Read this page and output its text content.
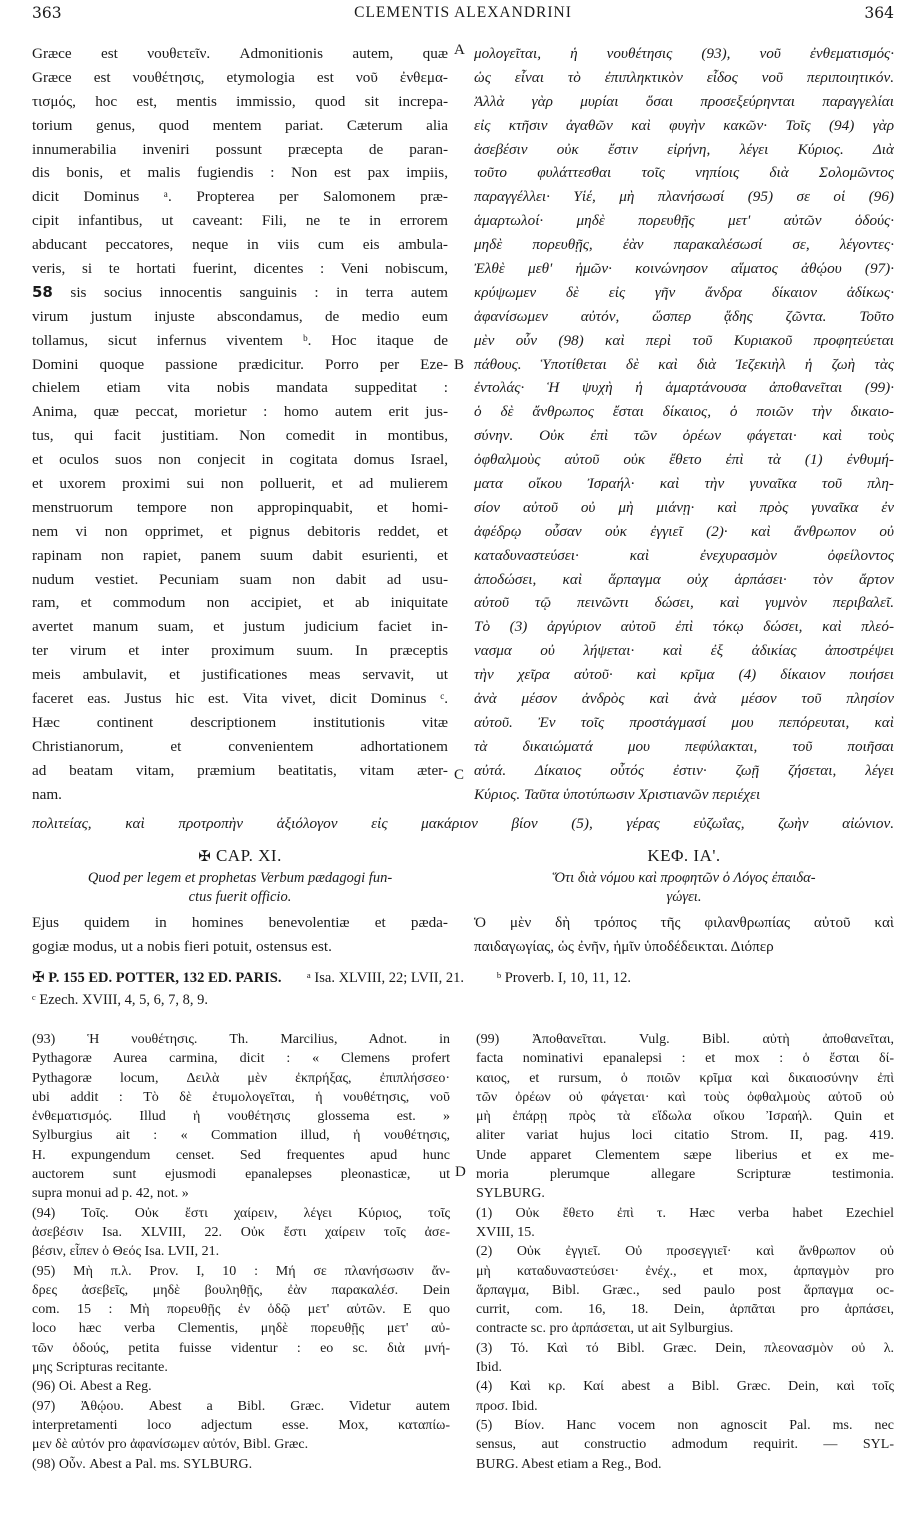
363	CLEMENTIS ALEXANDRINI	364
A
B
C
D
Græce est νουθετεῖν. Admonitionis autem, quæ
Græce est νουθέτησις, etymologia est νοῦ ἐνθεμα-
τισμός, hoc est, mentis immissio, quod sit increpa-
torium genus, quod mentem pariat. Cæterum alia
innumerabilia inveniri possunt præcepta de paran-
dis bonis, et malis fugiendis : Non est pax impiis,
dicit Dominus ᵃ. Propterea per Salomonem præ-
cipit infantibus, ut caveant: Fili, ne te in errorem
abducant peccatores, neque in viis cum eis ambula-
veris, si te hortati fuerint, dicentes : Veni nobiscum,
58 sis socius innocentis sanguinis : in terra autem
virum justum injuste abscondamus, de medio eum
tollamus, sicut infernus viventem ᵇ. Hoc itaque de
Domini quoque passione prædicitur. Porro per Eze-
chielem etiam vita nobis mandata suppeditat :
Anima, quæ peccat, morietur : homo autem erit jus-
tus, qui facit justitiam. Non comedit in montibus,
et oculos suos non conjecit in cogitata domus Israel,
et uxorem proximi sui non polluerit, et ad mulierem
menstruorum tempore non appropinquabit, et homi-
nem vi non opprimet, et pignus debitoris reddet, et
rapinam non rapiet, panem suum dabit esurienti, et
nudum vestiet. Pecuniam suam non dabit ad usu-
ram, et commodum non accipiet, et ab iniquitate
avertet manum suam, et justum judicium faciet in-
ter virum et inter proximum suum. In præceptis
meis ambulavit, et justificationes meas servavit, ut
faceret eas. Justus hic est. Vita vivet, dicit Dominus ᶜ.
Hæc continent descriptionem institutionis vitæ
Christianorum, et convenientem adhortationem
ad beatam vitam, præmium beatitatis, vitam æter-
nam.
μολογεῖται, ἡ νουθέτησις (93), νοῦ ἐνθεματισμός·
ὡς εἶναι τὸ ἐπιπληκτικὸν εἶδος νοῦ περιποιητικόν.
Ἀλλὰ γὰρ μυρίαι ὅσαι προσεξεύρηνται παραγγελίαι
εἰς κτῆσιν ἀγαθῶν καὶ φυγὴν κακῶν· Τοῖς (94) γὰρ
ἀσεβέσιν οὐκ ἔστιν εἰρήνη, λέγει Κύριος. Διὰ
τοῦτο φυλάττεσθαι τοῖς νηπίοις διὰ Σολομῶντος
παραγγέλλει· Υἱέ, μὴ πλανήσωσί (95) σε οἱ (96)
ἁμαρτωλοί· μηδὲ πορευθῇς μετ' αὐτῶν ὁδούς·
μηδὲ πορευθῇς, ἐὰν παρακαλέσωσί σε, λέγοντες·
Ἐλθὲ μεθ' ἡμῶν· κοινώνησον αἵματος ἀθῴου (97)·
κρύψωμεν δὲ εἰς γῆν ἄνδρα δίκαιον ἀδίκως·
ἀφανίσωμεν αὐτόν, ὥσπερ ᾅδης ζῶντα. Τοῦτο
μὲν οὖν (98) καὶ περὶ τοῦ Κυριακοῦ προφητεύεται
πάθους. Ὑποτίθεται δὲ καὶ διὰ Ἰεζεκιὴλ ἡ ζωὴ τὰς
ἐντολάς· Ἡ ψυχὴ ἡ ἁμαρτάνουσα ἀποθανεῖται (99)·
ὁ δὲ ἄνθρωπος ἔσται δίκαιος, ὁ ποιῶν τὴν δικαιο-
σύνην. Οὐκ ἐπὶ τῶν ὀρέων φάγεται· καὶ τοὺς
ὀφθαλμοὺς αὐτοῦ οὐκ ἔθετο ἐπὶ τὰ (1) ἐνθυμή-
ματα οἴκου Ἰσραήλ· καὶ τὴν γυναῖκα τοῦ πλη-
σίον αὐτοῦ οὐ μὴ μιάνῃ· καὶ πρὸς γυναῖκα ἐν
ἀφέδρῳ οὖσαν οὐκ ἐγγιεῖ (2)· καὶ ἄνθρωπον οὐ
καταδυναστεύσει· καὶ ἐνεχυρασμὸν ὀφείλοντος
ἀποδώσει, καὶ ἅρπαγμα οὐχ ἁρπάσει· τὸν ἄρτον
αὐτοῦ τῷ πεινῶντι δώσει, καὶ γυμνὸν περιβαλεῖ.
Τὸ (3) ἀργύριον αὐτοῦ ἐπὶ τόκῳ δώσει, καὶ πλεό-
νασμα οὐ λήψεται· καὶ ἐξ ἀδικίας ἀποστρέψει
τὴν χεῖρα αὐτοῦ· καὶ κρῖμα (4) δίκαιον ποιήσει
ἀνὰ μέσον ἀνδρὸς καὶ ἀνὰ μέσον τοῦ πλησίον
αὐτοῦ. Ἐν τοῖς προστάγμασί μου πεπόρευται, καὶ
τὰ δικαιώματά μου πεφύλακται, τοῦ ποιῆσαι
αὐτά. Δίκαιος οὗτός ἐστιν· ζωῇ ζήσεται, λέγει
Κύριος. Ταῦτα ὑποτύπωσιν Χριστιανῶν περιέχει
πολιτείας, καὶ προτροπὴν ἀξιόλογον εἰς μακάριον βίον (5), γέρας εὐζωΐας, ζωὴν αἰώνιον.
✠ CAP. XI.
Quod per legem et prophetas Verbum pædagogi fun-
ctus fuerit officio.
Ejus quidem in homines benevolentiæ et pæda-
gogiæ modus, ut a nobis fieri potuit, ostensus est.
ΚΕΦ. ΙΑ'.
Ὅτι διὰ νόμου καὶ προφητῶν ὁ Λόγος ἐπαιδα-
γώγει.
Ὁ μὲν δὴ τρόπος τῆς φιλανθρωπίας αὐτοῦ καὶ
παιδαγωγίας, ὡς ἐνῆν, ἡμῖν ὑποδέδεικται. Διόπερ
✠ P. 155 ED. POTTER, 132 ED. PARIS. ᵃ Isa. XLVIII, 22; LVII, 21. ᵇ Proverb. I, 10, 11, 12.
ᶜ Ezech. XVIII, 4, 5, 6, 7, 8, 9.
(93) Ἡ νουθέτησις. Th. Marcilius, Adnot. in
Pythagoræ Aurea carmina, dicit : « Clemens profert
Pythagoræ locum, Δειλὰ μὲν ἐκπρήξας, ἐπιπλήσσεο·
ubi addit : Τὸ δὲ ἐτυμολογεῖται, ἡ νουθέτησις, νοῦ
ἐνθεματισμός. Illud ἡ νουθέτησις glossema est. »
Sylburgius ait : « Commation illud, ἡ νουθέτησις,
H. expungendum censet. Sed frequentes apud hunc
auctorem sunt ejusmodi epanalepses pleonasticæ, ut
supra monui ad p. 42, not. »
(94) Τοῖς. Οὐκ ἔστι χαίρειν, λέγει Κύριος, τοῖς
ἀσεβέσιν Isa. XLVIII, 22. Οὐκ ἔστι χαίρειν τοῖς ἀσε-
βέσιν, εἶπεν ὁ Θεός Isa. LVII, 21.
(95) Μὴ π.λ. Prov. I, 10 : Μή σε πλανήσωσιν ἄν-
δρες ἀσεβεῖς, μηδὲ βουληθῇς, ἐὰν παρακαλέσ. Dein
com. 15 : Μὴ πορευθῇς ἐν ὁδῷ μετ' αὐτῶν. E quo
loco hæc verba Clementis, μηδὲ πορευθῇς μετ' αὐ-
τῶν ὁδούς, petita fuisse videntur : eo sc. διὰ μνή-
μης Scripturas recitante.
(96) Οἱ. Abest a Reg.
(97) Ἀθῴου. Abest a Bibl. Græc. Videtur autem
interpretamenti loco adjectum esse. Mox, καταπίω-
μεν δὲ αὐτόν pro ἀφανίσωμεν αὐτόν, Bibl. Græc.
(98) Οὖν. Abest a Pal. ms. SYLBURG.
(99) Ἀποθανεῖται. Vulg. Bibl. αὐτὴ ἀποθανεῖται,
facta nominativi epanalepsi : et mox : ὁ ἔσται δί-
καιος, et rursum, ὁ ποιῶν κρῖμα καὶ δικαιοσύνην ἐπὶ
τῶν ὀρέων οὐ φάγεται· καὶ τοὺς ὀφθαλμοὺς αὐτοῦ οὐ
μὴ ἐπάρῃ πρὸς τὰ εἴδωλα οἴκου Ἰσραήλ. Quin et
aliter variat hujus loci citatio Strom. II, pag. 419.
Unde apparet Clementem sæpe liberius et ex me-
moria plerumque allegare Scripturæ testimonia.
SYLBURG.
(1) Οὐκ ἔθετο ἐπὶ τ. Hæc verba habet Ezechiel
XVIII, 15.
(2) Οὐκ ἐγγιεῖ. Οὐ προσεγγιεῖ· καὶ ἄνθρωπον οὐ
μὴ καταδυναστεύσει· ἐνέχ., et mox, ἁρπαγμὸν pro
ἅρπαγμα, Bibl. Græc., sed paulo post ἅρπαγμα oc-
currit, com. 16, 18. Dein, ἁρπᾶται pro ἁρπάσει,
contracte sc. pro ἁρπάσεται, ut ait Sylburgius.
(3) Τό. Καὶ τό Bibl. Græc. Dein, πλεονασμὸν οὐ λ.
Ibid.
(4) Καὶ κρ. Καί abest a Bibl. Græc. Dein, καὶ τοῖς
προσ. Ibid.
(5) Βίον. Hanc vocem non agnoscit Pal. ms. nec
sensus, aut constructio admodum requirit. — SYL-
BURG. Abest etiam a Reg., Bod.
